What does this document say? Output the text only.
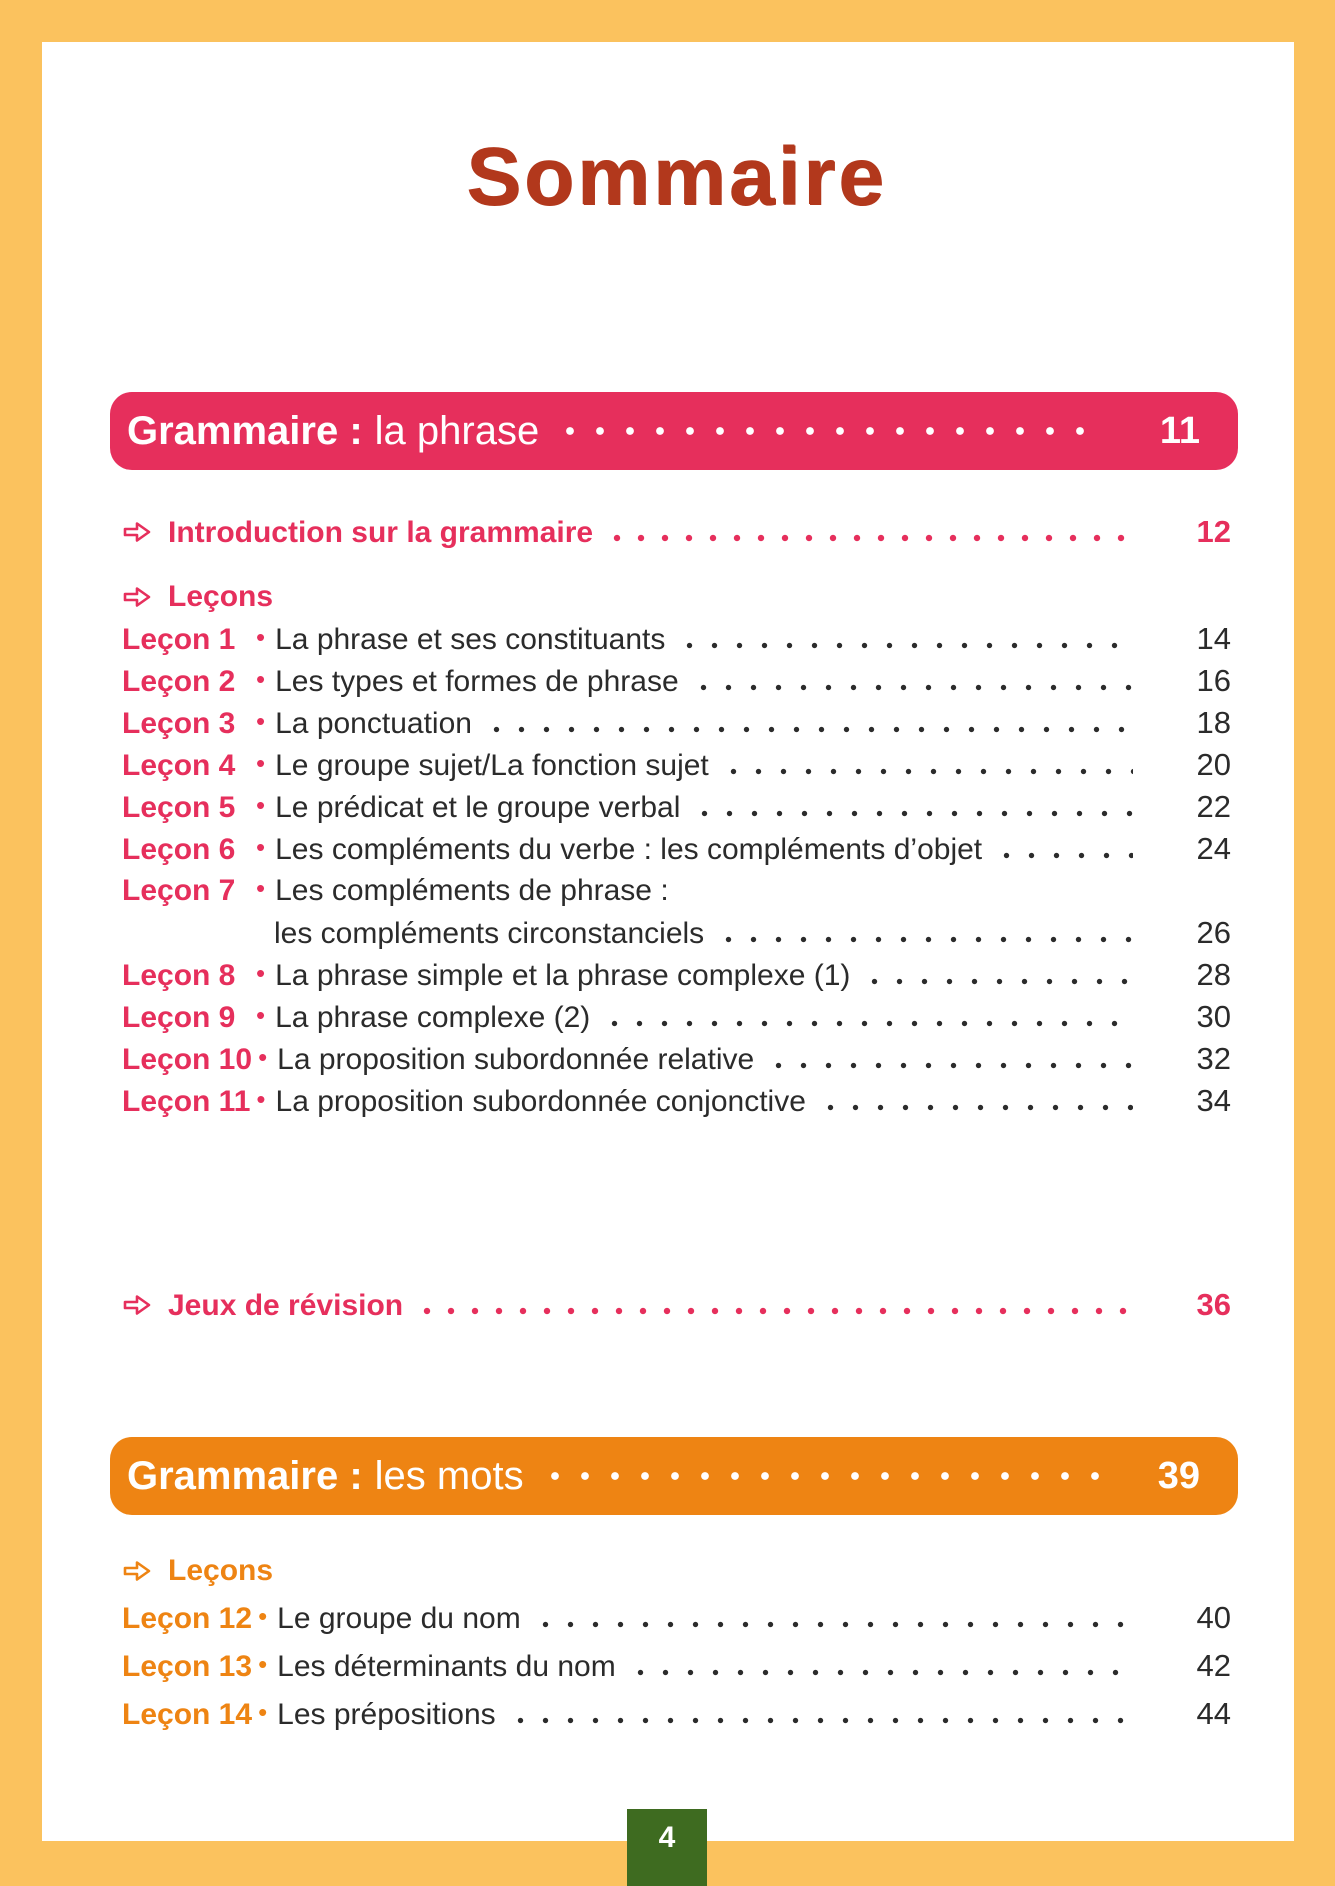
Sommaire
Grammaire : la phrase	11
Introduction sur la grammaire	12
Leçons
Leçon 1 • La phrase et ses constituants	14
Leçon 2 • Les types et formes de phrase	16
Leçon 3 • La ponctuation	18
Leçon 4 • Le groupe sujet/La fonction sujet	20
Leçon 5 • Le prédicat et le groupe verbal	22
Leçon 6 • Les compléments du verbe : les compléments d’objet	24
Leçon 7 • Les compléments de phrase :
les compléments circonstanciels	26
Leçon 8 • La phrase simple et la phrase complexe (1)	28
Leçon 9 • La phrase complexe (2)	30
Leçon 10 • La proposition subordonnée relative	32
Leçon 11 • La proposition subordonnée conjonctive	34
Jeux de révision	36
Grammaire : les mots	39
Leçons
Leçon 12 • Le groupe du nom	40
Leçon 13 • Les déterminants du nom	42
Leçon 14 • Les prépositions	44
4
